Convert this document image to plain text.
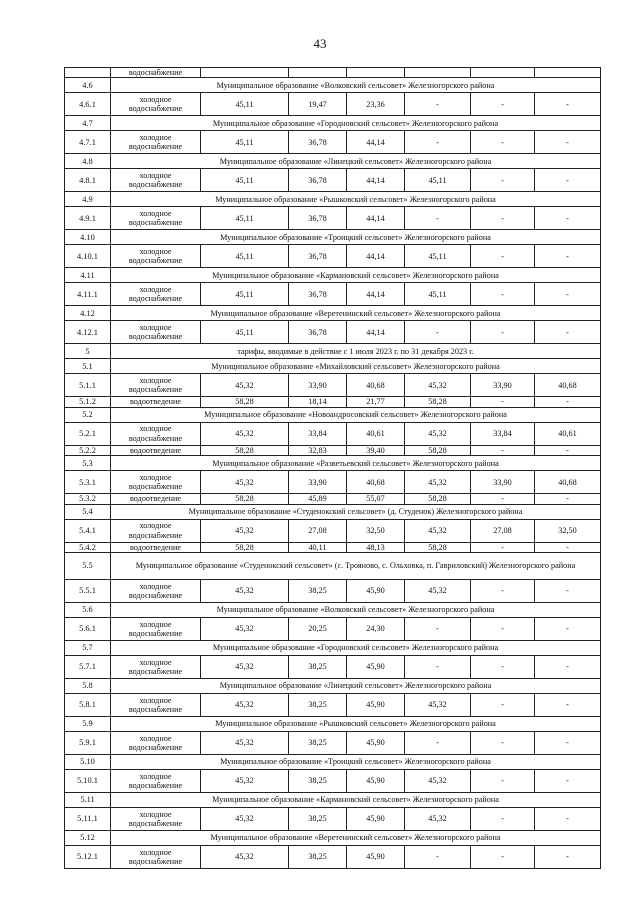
43
	водоснабжение						
4.6	Муниципальное образование «Волковский сельсовет» Железногорского района						
4.6.1	холодное водоснабжение	45,11	19,47	23,36	-	-	-
4.7	Муниципальное образование «Городновский сельсовет» Железногорского района						
4.7.1	холодное водоснабжение	45,11	36,78	44,14	-	-	-
4.8	Муниципальное образование «Линецкий сельсовет» Железногорского района						
4.8.1	холодное водоснабжение	45,11	36,78	44,14	45,11	-	-
4.9	Муниципальное образование «Рышковский сельсовет» Железногорского района						
4.9.1	холодное водоснабжение	45,11	36,78	44,14	-	-	-
4.10	Муниципальное образование «Троицкий сельсовет» Железногорского района						
4.10.1	холодное водоснабжение	45,11	36,78	44,14	45,11	-	-
4.11	Муниципальное образование «Кармановский сельсовет» Железногорского района						
4.11.1	холодное водоснабжение	45,11	36,78	44,14	45,11	-	-
4.12	Муниципальное образование «Веретенинский сельсовет» Железногорского района						
4.12.1	холодное водоснабжение	45,11	36,78	44,14	-	-	-
5	тарифы, вводимые в действие с 1 июля 2023 г. по 31 декабря 2023 г.						
5.1	Муниципальное образование «Михайловский сельсовет» Железногорского района						
5.1.1	холодное водоснабжение	45,32	33,90	40,68	45,32	33,90	40,68
5.1.2	водоотведение	58,28	18,14	21,77	58,28	-	-
5.2	Муниципальное образование «Новоандросовский сельсовет» Железногорского района						
5.2.1	холодное водоснабжение	45,32	33,84	40,61	45,32	33,84	40,61
5.2.2	водоотведение	58,28	32,83	39,40	58,28	-	-
5.3	Муниципальное образование «Разветьевский сельсовет» Железногорского района						
5.3.1	холодное водоснабжение	45,32	33,90	40,68	45,32	33,90	40,68
5.3.2	водоотведение	58,28	45,89	55,07	58,28	-	-
5.4	Муниципальное образование «Студенокский сельсовет» (д. Студенок) Железногорского района						
5.4.1	холодное водоснабжение	45,32	27,08	32,50	45,32	27,08	32,50
5.4.2	водоотведение	58,28	40,11	48,13	58,28	-	-
5.5	Муниципальное образование «Студенокский сельсовет» (с. Трояново, с. Ольховка, п. Гавриловский) Железногорского района						
5.5.1	холодное водоснабжение	45,32	38,25	45,90	45,32	-	-
5.6	Муниципальное образование «Волковский сельсовет» Железногорского района						
5.6.1	холодное водоснабжение	45,32	20,25	24,30	-	-	-
5.7	Муниципальное образование «Городновский сельсовет» Железногорского района						
5.7.1	холодное водоснабжение	45,32	38,25	45,90	-	-	-
5.8	Муниципальное образование «Линецкий сельсовет» Железногорского района						
5.8.1	холодное водоснабжение	45,32	38,25	45,90	45,32	-	-
5.9	Муниципальное образование «Рышковский сельсовет» Железногорского района						
5.9.1	холодное водоснабжение	45,32	38,25	45,90	-	-	-
5.10	Муниципальное образование «Троицкий сельсовет» Железногорского района						
5.10.1	холодное водоснабжение	45,32	38,25	45,90	45,32	-	-
5.11	Муниципальное образование «Кармановский сельсовет» Железногорского района						
5.11.1	холодное водоснабжение	45,32	38,25	45,90	45,32	-	-
5.12	Муниципальное образование «Веретенинский сельсовет» Железногорского района						
5.12.1	холодное водоснабжение	45,32	38,25	45,90	-	-	-
